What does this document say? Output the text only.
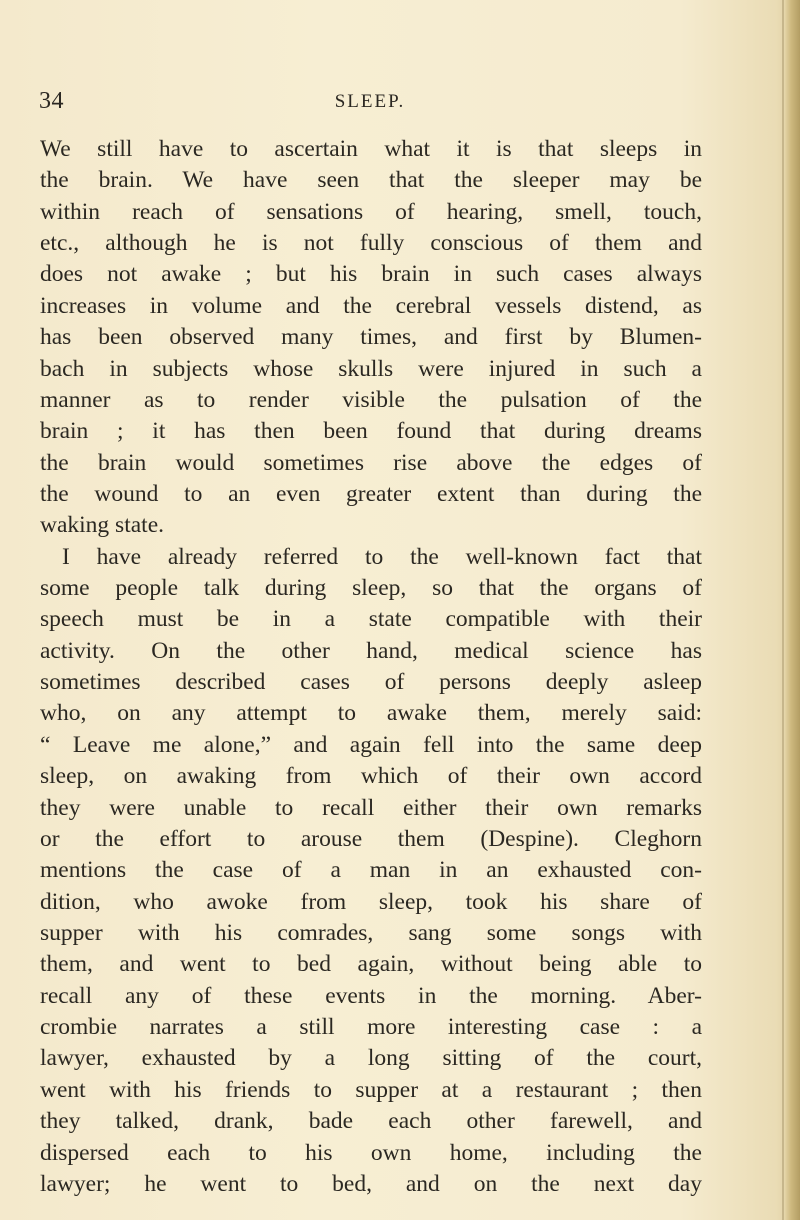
34	SLEEP.
We still have to ascertain what it is that sleeps in
the brain. We have seen that the sleeper may be
within reach of sensations of hearing, smell, touch,
etc., although he is not fully conscious of them and
does not awake ; but his brain in such cases always
increases in volume and the cerebral vessels distend, as
has been observed many times, and first by Blumen-
bach in subjects whose skulls were injured in such a
manner as to render visible the pulsation of the
brain ; it has then been found that during dreams
the brain would sometimes rise above the edges of
the wound to an even greater extent than during the
waking state.
I have already referred to the well-known fact that
some people talk during sleep, so that the organs of
speech must be in a state compatible with their
activity. On the other hand, medical science has
sometimes described cases of persons deeply asleep
who, on any attempt to awake them, merely said:
“ Leave me alone,” and again fell into the same deep
sleep, on awaking from which of their own accord
they were unable to recall either their own remarks
or the effort to arouse them (Despine). Cleghorn
mentions the case of a man in an exhausted con-
dition, who awoke from sleep, took his share of
supper with his comrades, sang some songs with
them, and went to bed again, without being able to
recall any of these events in the morning. Aber-
crombie narrates a still more interesting case : a
lawyer, exhausted by a long sitting of the court,
went with his friends to supper at a restaurant ; then
they talked, drank, bade each other farewell, and
dispersed each to his own home, including the
lawyer; he went to bed, and on the next day
